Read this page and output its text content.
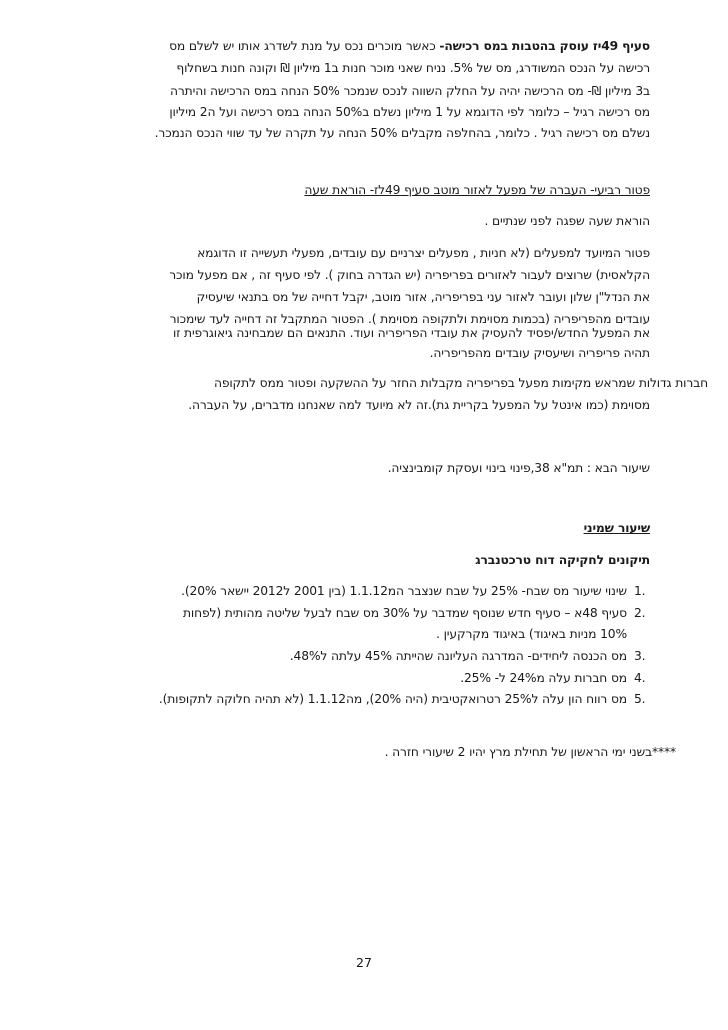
סעיף 49יז עוסק בהטבות במס רכישה- כאשר מוכרים נכס על מנת לשדרג אותו יש לשלם מס
רכישה על הנכס המשודרג, מס של 5%. נניח שאני מוכר חנות ב1 מיליון ₪ וקונה חנות בשחלוף
ב3 מיליון ₪- מס הרכישה יהיה על החלק השווה לנכס שנמכר 50% הנחה במס הרכישה והיתרה
מס רכישה רגיל – כלומר לפי הדוגמא על 1 מיליון נשלם ב50% הנחה במס רכישה ועל ה2 מיליון
נשלם מס רכישה רגיל . כלומר, בהחלפה מקבלים 50% הנחה על תקרה של עד שווי הנכס הנמכר.
פטור רביעי- העברה של מפעל לאזור מוטב סעיף 49לז- הוראת שעה
הוראת שעה שפגה לפני שנתיים .
פטור המיועד למפעלים (לא חניות , מפעלים יצרניים עם עובדים, מפעלי תעשייה זו הדוגמא
הקלאסית) שרוצים לעבור לאזורים בפריפריה (יש הגדרה בחוק ). לפי סעיף זה , אם מפעל מוכר
את הנדל"ן שלון ועובר לאזור עני בפריפריה, אזור מוטב, יקבל דחייה של מס בתנאי שיעסיק
עובדים מהפריפריה (בכמות מסוימת ולתקופה מסוימת ). הפטור המתקבל זה דחייה לעד שימכור
את המפעל החדש/יפסיד להעסיק את עובדי הפריפריה ועוד. התנאים הם שמבחינה גיאוגרפית זו
תהיה פריפריה ושיעסיק עובדים מהפריפריה.
חברות גדולות שמראש מקימות מפעל בפריפריה מקבלות החזר על ההשקעה ופטור ממס לתקופה
מסוימת (כמו אינטל על המפעל בקריית גת).זה לא מיועד למה שאנחנו מדברים, על העברה.
שיעור הבא : תמ"א 38,פינוי בינוי ועסקת קומבינציה.
שיעור שמיני
תיקונים לחקיקה דוח טרכטנברג
1.
שינוי שיעור מס שבח- 25% על שבח שנצבר המ1.1.12 (בין 2001 ל2012 יישאר 20%).
2.
סעיף 48א – סעיף חדש שנוסף שמדבר על 30% מס שבח לבעל שליטה מהותית (לפחות
10% מניות באיגוד) באיגוד מקרקעין .
3.
מס הכנסה ליחידים- המדרגה העליונה שהייתה 45% עלתה ל48%.
4.
מס חברות עלה מ24% ל- 25%.
5.
מס רווח הון עלה ל25% רטרואקטיבית (היה 20%), מה1.1.12 (לא תהיה חלוקה לתקופות).
****בשני ימי הראשון של תחילת מרץ יהיו 2 שיעורי חזרה .
27
